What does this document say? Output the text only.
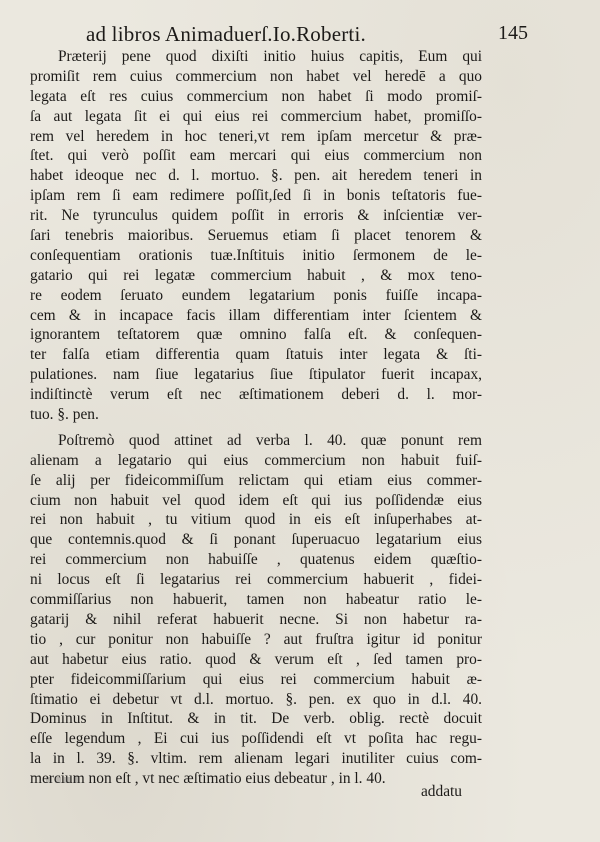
ad libros Animaduerſ.Io.Roberti.	145
Præterij pene quod dixiſti initio huius capitis, Eum qui
promiſit rem cuius commercium non habet vel heredē a quo
legata eſt res cuius commercium non habet ſi modo promiſ-
ſa aut legata ſit ei qui eius rei commercium habet, promiſſo-
rem vel heredem in hoc teneri,vt rem ipſam mercetur & præ-
ſtet. qui verò poſſit eam mercari qui eius commercium non
habet ideoque nec d. l. mortuo. §. pen. ait heredem teneri in
ipſam rem ſi eam redimere poſſit,ſed ſi in bonis teſtatoris fue-
rit. Ne tyrunculus quidem poſſit in erroris & inſcientiæ ver-
ſari tenebris maioribus. Seruemus etiam ſi placet tenorem &
conſequentiam orationis tuæ.Inſtituis initio ſermonem de le-
gatario qui rei legatæ commercium habuit , & mox teno-
re eodem ſeruato eundem legatarium ponis fuiſſe incapa-
cem & in incapace facis illam differentiam inter ſcientem &
ignorantem teſtatorem quæ omnino falſa eſt. & conſequen-
ter falſa etiam differentia quam ſtatuis inter legata & ſti-
pulationes. nam ſiue legatarius ſiue ſtipulator fuerit incapax,
indiſtinctè verum eſt nec æſtimationem deberi d. l. mor-
tuo. §. pen.
Poſtremò quod attinet ad verba l. 40. quæ ponunt rem
alienam a legatario qui eius commercium non habuit fuiſ-
ſe alij per fideicommiſſum relictam qui etiam eius commer-
cium non habuit vel quod idem eſt qui ius poſſidendæ eius
rei non habuit , tu vitium quod in eis eſt inſuperhabes at-
que contemnis.quod & ſi ponant ſuperuacuo legatarium eius
rei commercium non habuiſſe , quatenus eidem quæſtio-
ni locus eſt ſi legatarius rei commercium habuerit , fidei-
commiſſarius non habuerit, tamen non habeatur ratio le-
gatarij & nihil referat habuerit necne. Si non habetur ra-
tio , cur ponitur non habuiſſe ? aut fruſtra igitur id ponitur
aut habetur eius ratio. quod & verum eſt , ſed tamen pro-
pter fideicommiſſarium qui eius rei commercium habuit æ-
ſtimatio ei debetur vt d.l. mortuo. §. pen. ex quo in d.l. 40.
Dominus in Inſtitut. & in tit. De verb. oblig. rectè docuit
eſſe legendum , Ei cui ius poſſidendi eſt vt poſita hac regu-
la in l. 39. §. vltim. rem alienam legari inutiliter cuius com-
mercium non eſt , vt nec æſtimatio eius debeatur , in l. 40.
addatu
